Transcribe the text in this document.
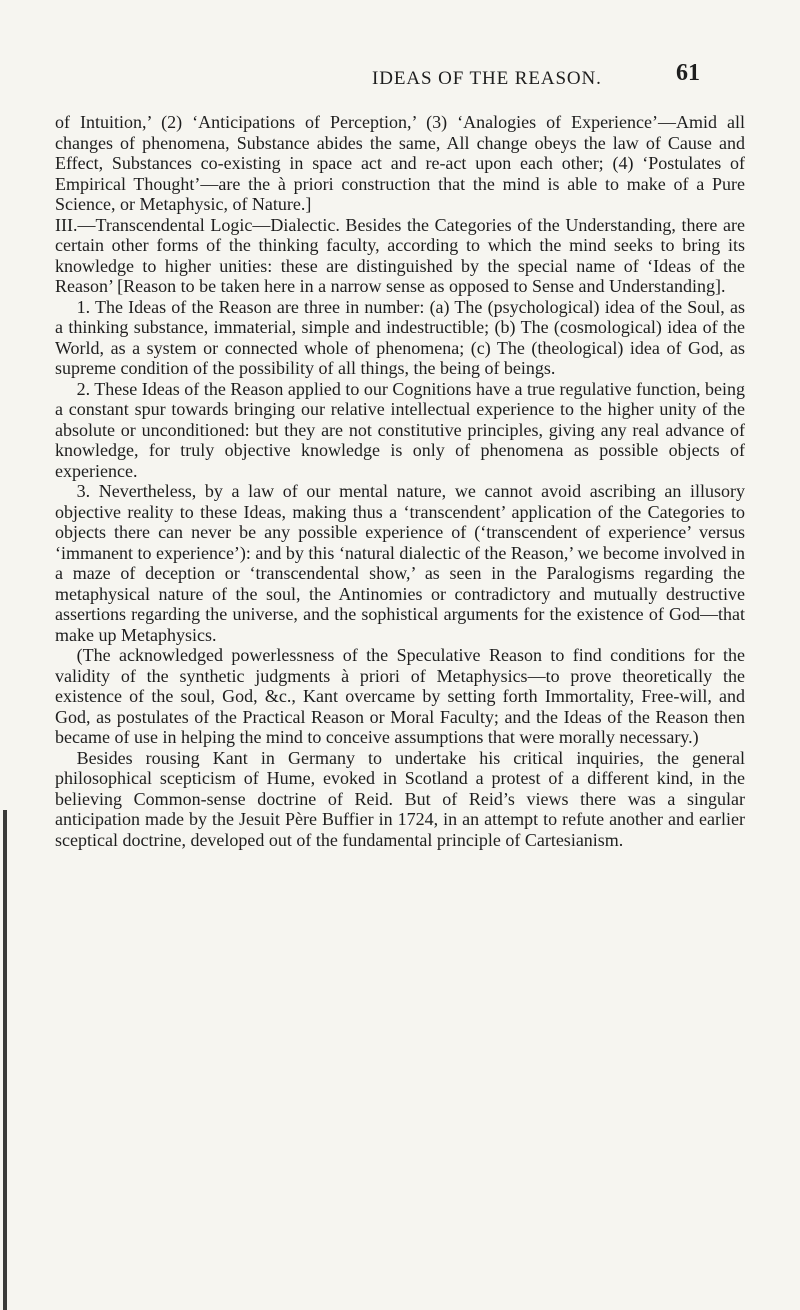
IDEAS OF THE REASON.	61

of Intuition,’ (2) ‘Anticipations of Perception,’ (3) ‘Analogies of Experience’—Amid all changes of phenomena, Substance abides the same, All change obeys the law of Cause and Effect, Substances co-existing in space act and re-act upon each other; (4) ‘Postulates of Empirical Thought’—are the à priori construction that the mind is able to make of a Pure Science, or Metaphysic, of Nature.]

III.—Transcendental Logic—Dialectic. Besides the Categories of the Understanding, there are certain other forms of the thinking faculty, according to which the mind seeks to bring its knowledge to higher unities: these are distinguished by the special name of ‘Ideas of the Reason’ [Reason to be taken here in a narrow sense as opposed to Sense and Understanding].

1. The Ideas of the Reason are three in number: (a) The (psychological) idea of the Soul, as a thinking substance, immaterial, simple and indestructible; (b) The (cosmological) idea of the World, as a system or connected whole of phenomena; (c) The (theological) idea of God, as supreme condition of the possibility of all things, the being of beings.

2. These Ideas of the Reason applied to our Cognitions have a true regulative function, being a constant spur towards bringing our relative intellectual experience to the higher unity of the absolute or unconditioned: but they are not constitutive principles, giving any real advance of knowledge, for truly objective knowledge is only of phenomena as possible objects of experience.

3. Nevertheless, by a law of our mental nature, we cannot avoid ascribing an illusory objective reality to these Ideas, making thus a ‘transcendent’ application of the Categories to objects there can never be any possible experience of (‘transcendent of experience’ versus ‘immanent to experience’): and by this ‘natural dialectic of the Reason,’ we become involved in a maze of deception or ‘transcendental show,’ as seen in the Paralogisms regarding the metaphysical nature of the soul, the Antinomies or contradictory and mutually destructive assertions regarding the universe, and the sophistical arguments for the existence of God—that make up Metaphysics.

(The acknowledged powerlessness of the Speculative Reason to find conditions for the validity of the synthetic judgments à priori of Metaphysics—to prove theoretically the existence of the soul, God, &c., Kant overcame by setting forth Immortality, Free-will, and God, as postulates of the Practical Reason or Moral Faculty; and the Ideas of the Reason then became of use in helping the mind to conceive assumptions that were morally necessary.)

Besides rousing Kant in Germany to undertake his critical inquiries, the general philosophical scepticism of Hume, evoked in Scotland a protest of a different kind, in the believing Common-sense doctrine of Reid. But of Reid’s views there was a singular anticipation made by the Jesuit Père Buffier in 1724, in an attempt to refute another and earlier sceptical doctrine, developed out of the fundamental principle of Cartesianism.
